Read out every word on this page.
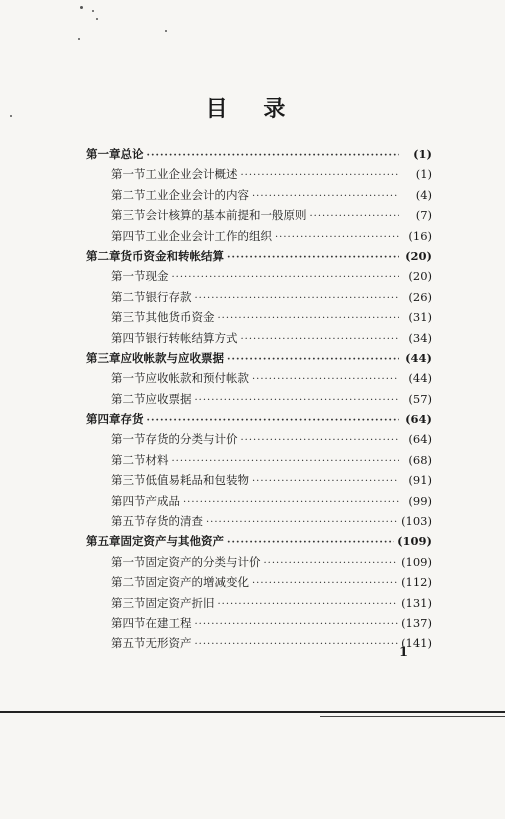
目 录
第一章 总论 ·····	(1)
第一节 工业企业会计概述 ·····	(1)
第二节 工业企业会计的内容 ·····	(4)
第三节 会计核算的基本前提和一般原则 ·····	(7)
第四节 工业企业会计工作的组织 ·····	(16)
第二章 货币资金和转帐结算 ·····	(20)
第一节 现金 ·····	(20)
第二节 银行存款 ·····	(26)
第三节 其他货币资金 ·····	(31)
第四节 银行转帐结算方式 ·····	(34)
第三章 应收帐款与应收票据 ·····	(44)
第一节 应收帐款和预付帐款 ·····	(44)
第二节 应收票据 ·····	(57)
第四章 存货 ·····	(64)
第一节 存货的分类与计价 ·····	(64)
第二节 材料 ·····	(68)
第三节 低值易耗品和包装物 ·····	(91)
第四节 产成品 ·····	(99)
第五节 存货的清查 ·····	(103)
第五章 固定资产与其他资产 ·····	(109)
第一节 固定资产的分类与计价 ·····	(109)
第二节 固定资产的增减变化 ·····	(112)
第三节 固定资产折旧 ·····	(131)
第四节 在建工程 ·····	(137)
第五节 无形资产 ·····	(141)
1
